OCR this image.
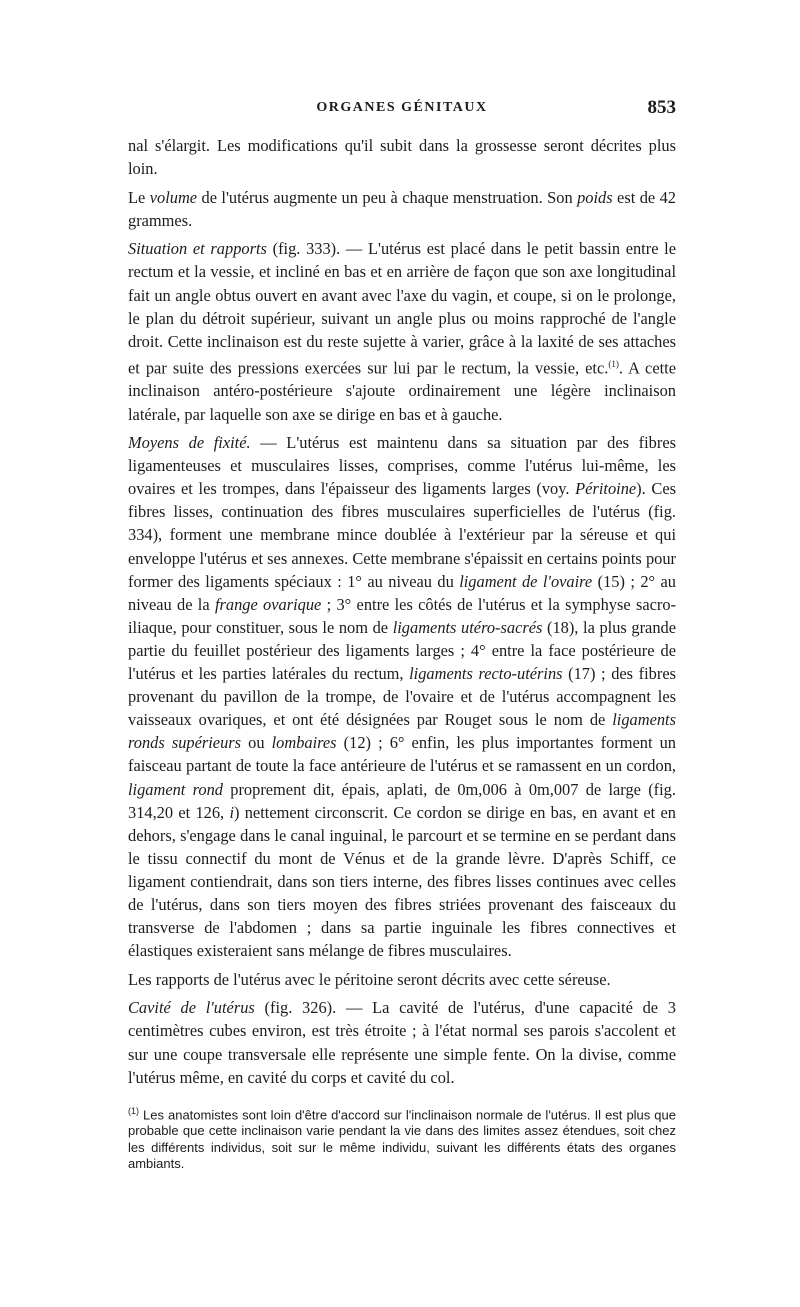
ORGANES GÉNITAUX	853

nal s'élargit. Les modifications qu'il subit dans la grossesse seront décrites plus loin.

Le volume de l'utérus augmente un peu à chaque menstruation. Son poids est de 42 grammes.

Situation et rapports (fig. 333). — L'utérus est placé dans le petit bassin entre le rectum et la vessie, et incliné en bas et en arrière de façon que son axe longitudinal fait un angle obtus ouvert en avant avec l'axe du vagin, et coupe, si on le prolonge, le plan du détroit supérieur, suivant un angle plus ou moins rapproché de l'angle droit. Cette inclinaison est du reste sujette à varier, grâce à la laxité de ses attaches et par suite des pressions exercées sur lui par le rectum, la vessie, etc.$^{(1)}$. A cette inclinaison antéro-postérieure s'ajoute ordinairement une légère inclinaison latérale, par laquelle son axe se dirige en bas et à gauche.

Moyens de fixité. — L'utérus est maintenu dans sa situation par des fibres ligamenteuses et musculaires lisses, comprises, comme l'utérus lui-même, les ovaires et les trompes, dans l'épaisseur des ligaments larges (voy. Péritoine). Ces fibres lisses, continuation des fibres musculaires superficielles de l'utérus (fig. 334), forment une membrane mince doublée à l'extérieur par la séreuse et qui enveloppe l'utérus et ses annexes. Cette membrane s'épaissit en certains points pour former des ligaments spéciaux : 1° au niveau du ligament de l'ovaire (15) ; 2° au niveau de la frange ovarique ; 3° entre les côtés de l'utérus et la symphyse sacro-iliaque, pour constituer, sous le nom de ligaments utéro-sacrés (18), la plus grande partie du feuillet postérieur des ligaments larges ; 4° entre la face postérieure de l'utérus et les parties latérales du rectum, ligaments recto-utérins (17) ; des fibres provenant du pavillon de la trompe, de l'ovaire et de l'utérus accompagnent les vaisseaux ovariques, et ont été désignées par Rouget sous le nom de ligaments ronds supérieurs ou lombaires (12) ; 6° enfin, les plus importantes forment un faisceau partant de toute la face antérieure de l'utérus et se ramassent en un cordon, ligament rond proprement dit, épais, aplati, de 0m,006 à 0m,007 de large (fig. 314,20 et 126, i) nettement circonscrit. Ce cordon se dirige en bas, en avant et en dehors, s'engage dans le canal inguinal, le parcourt et se termine en se perdant dans le tissu connectif du mont de Vénus et de la grande lèvre. D'après Schiff, ce ligament contiendrait, dans son tiers interne, des fibres lisses continues avec celles de l'utérus, dans son tiers moyen des fibres striées provenant des faisceaux du transverse de l'abdomen ; dans sa partie inguinale les fibres connectives et élastiques existeraient sans mélange de fibres musculaires.

Les rapports de l'utérus avec le péritoine seront décrits avec cette séreuse.

Cavité de l'utérus (fig. 326). — La cavité de l'utérus, d'une capacité de 3 centimètres cubes environ, est très étroite ; à l'état normal ses parois s'accolent et sur une coupe transversale elle représente une simple fente. On la divise, comme l'utérus même, en cavité du corps et cavité du col.

$^{(1)}$ Les anatomistes sont loin d'être d'accord sur l'inclinaison normale de l'utérus. Il est plus que probable que cette inclinaison varie pendant la vie dans des limites assez étendues, soit chez les différents individus, soit sur le même individu, suivant les différents états des organes ambiants.
